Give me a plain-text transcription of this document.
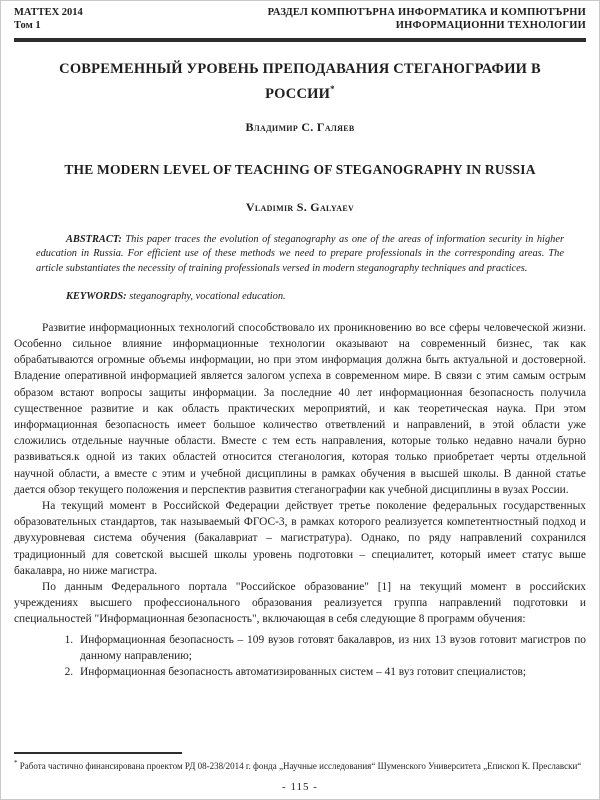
МАТТЕХ 2014
Том 1
РАЗДЕЛ КОМПЮТЪРНА ИНФОРМАТИКА И КОМПЮТЪРНИ
ИНФОРМАЦИОННИ ТЕХНОЛОГИИ
СОВРЕМЕННЫЙ УРОВЕНЬ ПРЕПОДАВАНИЯ СТЕГАНОГРАФИИ В РОССИИ*
Владимир С. Галяев
THE MODERN LEVEL OF TEACHING OF STEGANOGRAPHY IN RUSSIA
Vladimir S. Galyaev

ABSTRACT: This paper traces the evolution of steganography as one of the areas of information security in higher education in Russia. For efficient use of these methods we need to prepare professionals in the corresponding areas. The article substantiates the necessity of training professionals versed in modern steganography techniques and practices.

KEYWORDS: steganography, vocational education.

Развитие информационных технологий способствовало их проникновению во все сферы человеческой жизни. Особенно сильное влияние информационные технологии оказывают на современный бизнес, так как обрабатываются огромные объемы информации, но при этом информация должна быть актуальной и достоверной. Владение оперативной информацией является залогом успеха в современном мире. В связи с этим самым острым образом встают вопросы защиты информации. За последние 40 лет информационная безопасность получила существенное развитие и как область практических мероприятий, и как теоретическая наука. При этом информационная безопасность имеет большое количество ответвлений и направлений, в этой области уже сложились отдельные научные области. Вместе с тем есть направления, которые только недавно начали бурно развиваться.к одной из таких областей относится стеганология, которая только приобретает черты отдельной научной области, а вместе с этим и учебной дисциплины в рамках обучения в высшей школы. В данной статье дается обзор текущего положения и перспектив развития стеганографии как учебной дисциплины в вузах России.

На текущий момент в Российской Федерации действует третье поколение федеральных государственных образовательных стандартов, так называемый ФГОС-3, в рамках которого реализуется компетентностный подход и двухуровневая система обучения (бакалавриат – магистратура). Однако, по ряду направлений сохранился традиционный для советской высшей школы уровень подготовки – специалитет, который имеет статус выше бакалавра, но ниже магистра.

По данным Федерального портала "Российское образование" [1] на текущий момент в российских учреждениях высшего профессионального образования реализуется группа направлений подготовки и специальностей "Информационная безопасность", включающая в себя следующие 8 программ обучения:

1. Информационная безопасность – 109 вузов готовят бакалавров, из них 13 вузов готовит магистров по данному направлению;
2. Информационная безопасность автоматизированных систем – 41 вуз готовит специалистов;

* Работа частично финансирована проектом РД 08-238/2014 г. фонда „Научные исследования“ Шуменского Университета „Епископ К. Преславски“

- 115 -
